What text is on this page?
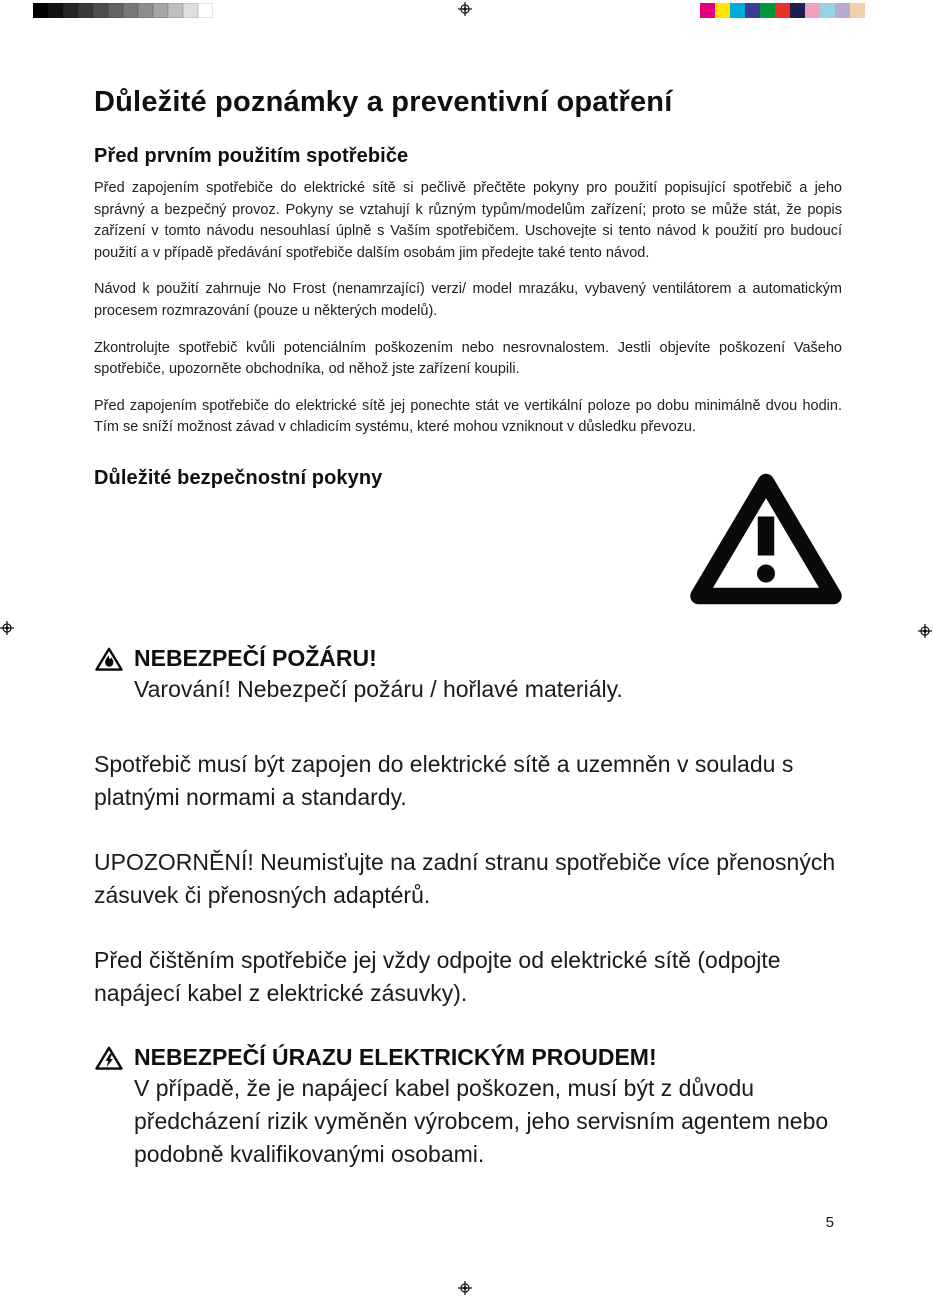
Důležité poznámky a preventivní opatření
Před prvním použitím spotřebiče

Před zapojením spotřebiče do elektrické sítě si pečlivě přečtěte pokyny pro použití popisující spotřebič a jeho správný a bezpečný provoz. Pokyny se vztahují k různým typům/modelům zařízení; proto se může stát, že popis zařízení v tomto návodu nesouhlasí úplně s Vaším spotřebičem. Uschovejte si tento návod k použití pro budoucí použití a v případě předávání spotřebiče dalším osobám jim předejte také tento návod.

Návod k použití zahrnuje No Frost (nenamrzající) verzi/ model mrazáku, vybavený ventilátorem a automatickým procesem rozmrazování (pouze u některých modelů).

Zkontrolujte spotřebič kvůli potenciálním poškozením nebo nesrovnalostem. Jestli objevíte poškození Vašeho spotřebiče, upozorněte obchodníka, od něhož jste zařízení koupili.

Před zapojením spotřebiče do elektrické sítě jej ponechte stát ve vertikální poloze po dobu minimálně dvou hodin. Tím se sníží možnost závad v chladicím systému, které mohou vzniknout v důsledku převozu.

Důležité bezpečnostní pokyny
NEBEZPEČÍ POŽÁRU!
Varování! Nebezpečí požáru / hořlavé materiály.

Spotřebič musí být zapojen do elektrické sítě a uzemněn v souladu s platnými normami a standardy.

UPOZORNĚNÍ! Neumisťujte na zadní stranu spotřebiče více přenosných zásuvek či přenosných adaptérů.

Před čištěním spotřebiče jej vždy odpojte od elektrické sítě (odpojte napájecí kabel z elektrické zásuvky).

NEBEZPEČÍ ÚRAZU ELEKTRICKÝM PROUDEM!
V případě, že je napájecí kabel poškozen, musí být z důvodu předcházení rizik vyměněn výrobcem, jeho servisním agentem nebo podobně kvalifikovanými osobami.
5
